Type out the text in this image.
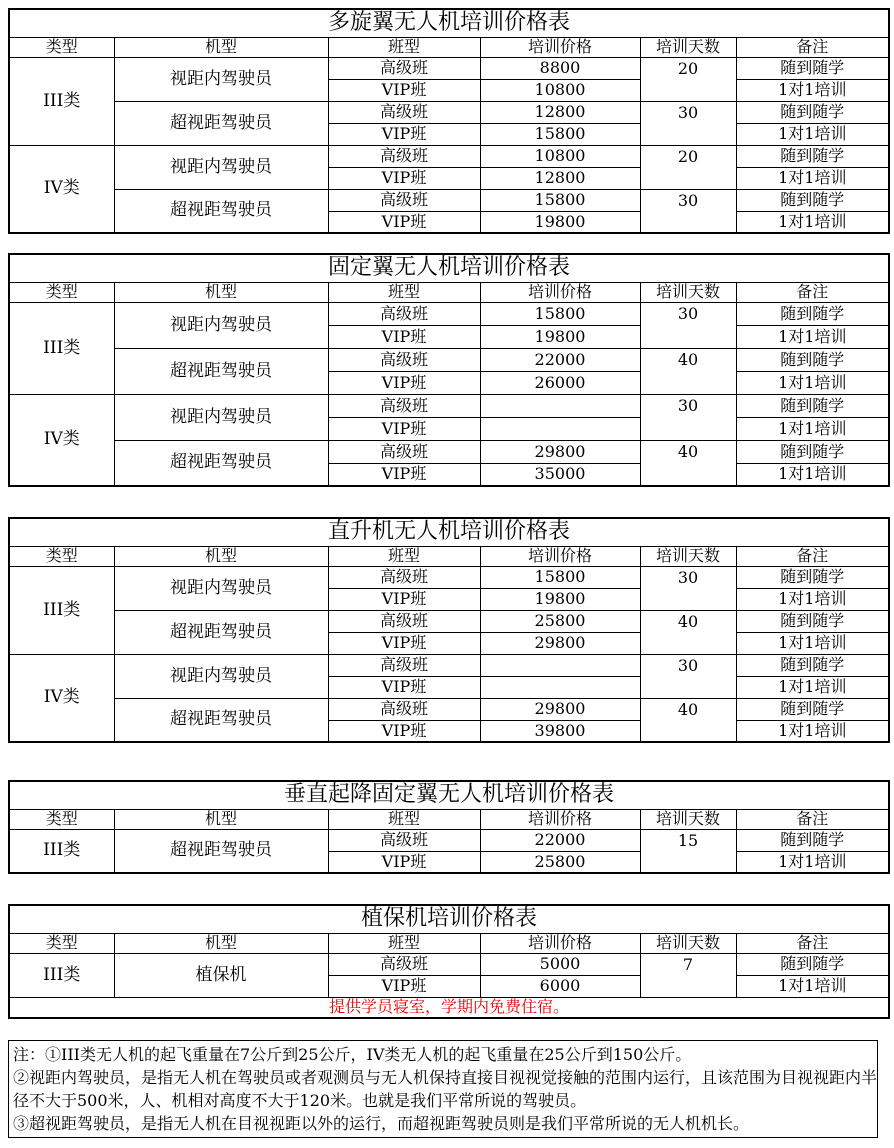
多旋翼无人机培训价格表					
类型	机型	班型	培训价格	培训天数	备注
III类	视距内驾驶员	高级班	8800	20	随到随学
		VIP班	10800		1对1培训
	超视距驾驶员	高级班	12800	30	随到随学
		VIP班	15800		1对1培训
IV类	视距内驾驶员	高级班	10800	20	随到随学
		VIP班	12800		1对1培训
	超视距驾驶员	高级班	15800	30	随到随学
		VIP班	19800		1对1培训
固定翼无人机培训价格表					
类型	机型	班型	培训价格	培训天数	备注
III类	视距内驾驶员	高级班	15800	30	随到随学
		VIP班	19800		1对1培训
	超视距驾驶员	高级班	22000	40	随到随学
		VIP班	26000		1对1培训
IV类	视距内驾驶员	高级班		30	随到随学
		VIP班			1对1培训
	超视距驾驶员	高级班	29800	40	随到随学
		VIP班	35000		1对1培训
直升机无人机培训价格表					
类型	机型	班型	培训价格	培训天数	备注
III类	视距内驾驶员	高级班	15800	30	随到随学
		VIP班	19800		1对1培训
	超视距驾驶员	高级班	25800	40	随到随学
		VIP班	29800		1对1培训
IV类	视距内驾驶员	高级班		30	随到随学
		VIP班			1对1培训
	超视距驾驶员	高级班	29800	40	随到随学
		VIP班	39800		1对1培训
垂直起降固定翼无人机培训价格表					
类型	机型	班型	培训价格	培训天数	备注
III类	超视距驾驶员	高级班	22000	15	随到随学
		VIP班	25800		1对1培训
植保机培训价格表					
类型	机型	班型	培训价格	培训天数	备注
III类	植保机	高级班	5000	7	随到随学
		VIP班	6000		1对1培训
提供学员寝室，学期内免费住宿。					

注：①III类无人机的起飞重量在7公斤到25公斤，IV类无人机的起飞重量在25公斤到150公斤。

②视距内驾驶员，是指无人机在驾驶员或者观测员与无人机保持直接目视视觉接触的范围内运行，且该范围为目视视距内半径不大于500米，人、机相对高度不大于120米。也就是我们平常所说的驾驶员。

③超视距驾驶员，是指无人机在目视视距以外的运行，而超视距驾驶员则是我们平常所说的无人机机长。
